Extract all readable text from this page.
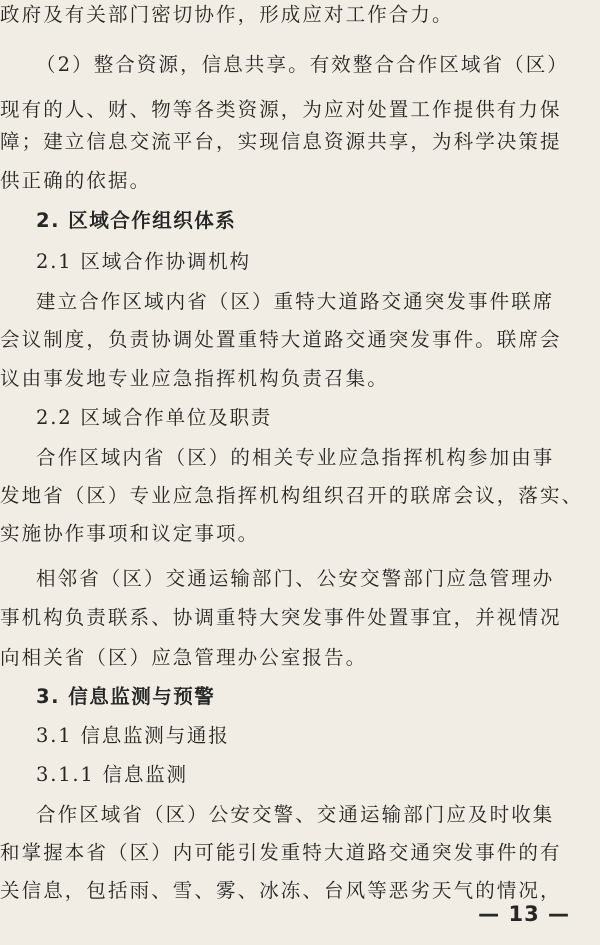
政府及有关部门密切协作，形成应对工作合力。
（2）整合资源，信息共享。有效整合合作区域省（区）
现有的人、财、物等各类资源，为应对处置工作提供有力保
障；建立信息交流平台，实现信息资源共享，为科学决策提
供正确的依据。
2. 区域合作组织体系
2.1 区域合作协调机构
建立合作区域内省（区）重特大道路交通突发事件联席
会议制度，负责协调处置重特大道路交通突发事件。联席会
议由事发地专业应急指挥机构负责召集。
2.2 区域合作单位及职责
合作区域内省（区）的相关专业应急指挥机构参加由事
发地省（区）专业应急指挥机构组织召开的联席会议，落实、
实施协作事项和议定事项。
相邻省（区）交通运输部门、公安交警部门应急管理办
事机构负责联系、协调重特大突发事件处置事宜，并视情况
向相关省（区）应急管理办公室报告。
3. 信息监测与预警
3.1 信息监测与通报
3.1.1 信息监测
合作区域省（区）公安交警、交通运输部门应及时收集
和掌握本省（区）内可能引发重特大道路交通突发事件的有
关信息，包括雨、雪、雾、冰冻、台风等恶劣天气的情况，
— 13 —
